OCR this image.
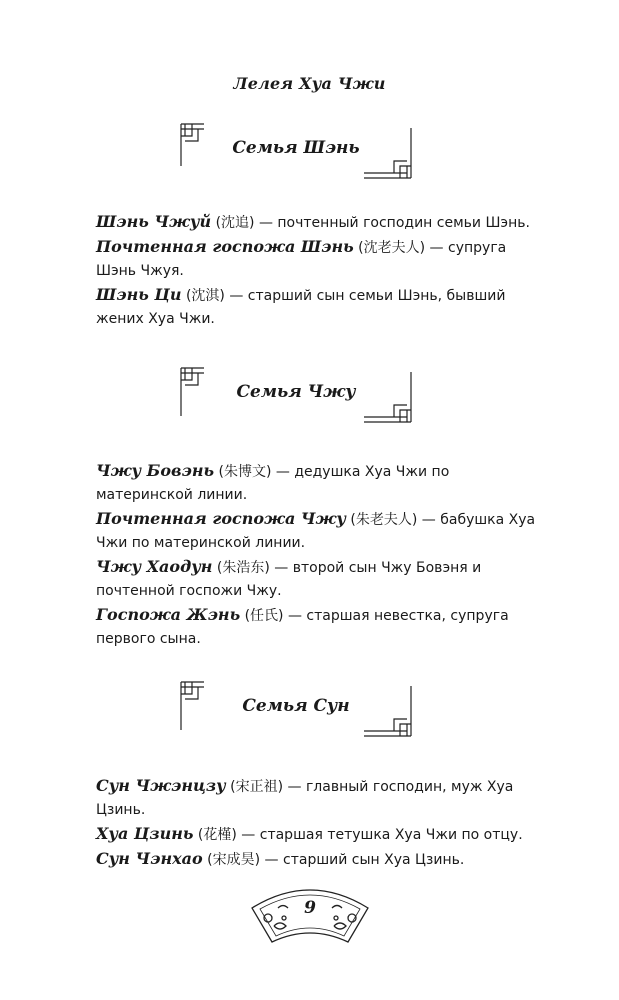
Лелея Хуа Чжи
Семья Шэнь

Шэнь Чжуй (沈追) — почтенный господин семьи Шэнь.

Почтенная госпожа Шэнь (沈老夫人) — супруга Шэнь Чжуя.

Шэнь Ци (沈淇) — старший сын семьи Шэнь, бывший жених Хуа Чжи.

Семья Чжу

Чжу Бовэнь (朱博文) — дедушка Хуа Чжи по материнской линии.

Почтенная госпожа Чжу (朱老夫人) — бабушка Хуа Чжи по материнской линии.

Чжу Хаодун (朱浩东) — второй сын Чжу Бовэня и почтенной госпожи Чжу.

Госпожа Жэнь (任氏) — старшая невестка, супруга первого сына.

Семья Сун

Сун Чжэнцзу (宋正祖) — главный господин, муж Хуа Цзинь.

Хуа Цзинь (花槿) — старшая тетушка Хуа Чжи по отцу.

Сун Чэнхао (宋成昊) — старший сын Хуа Цзинь.

9
